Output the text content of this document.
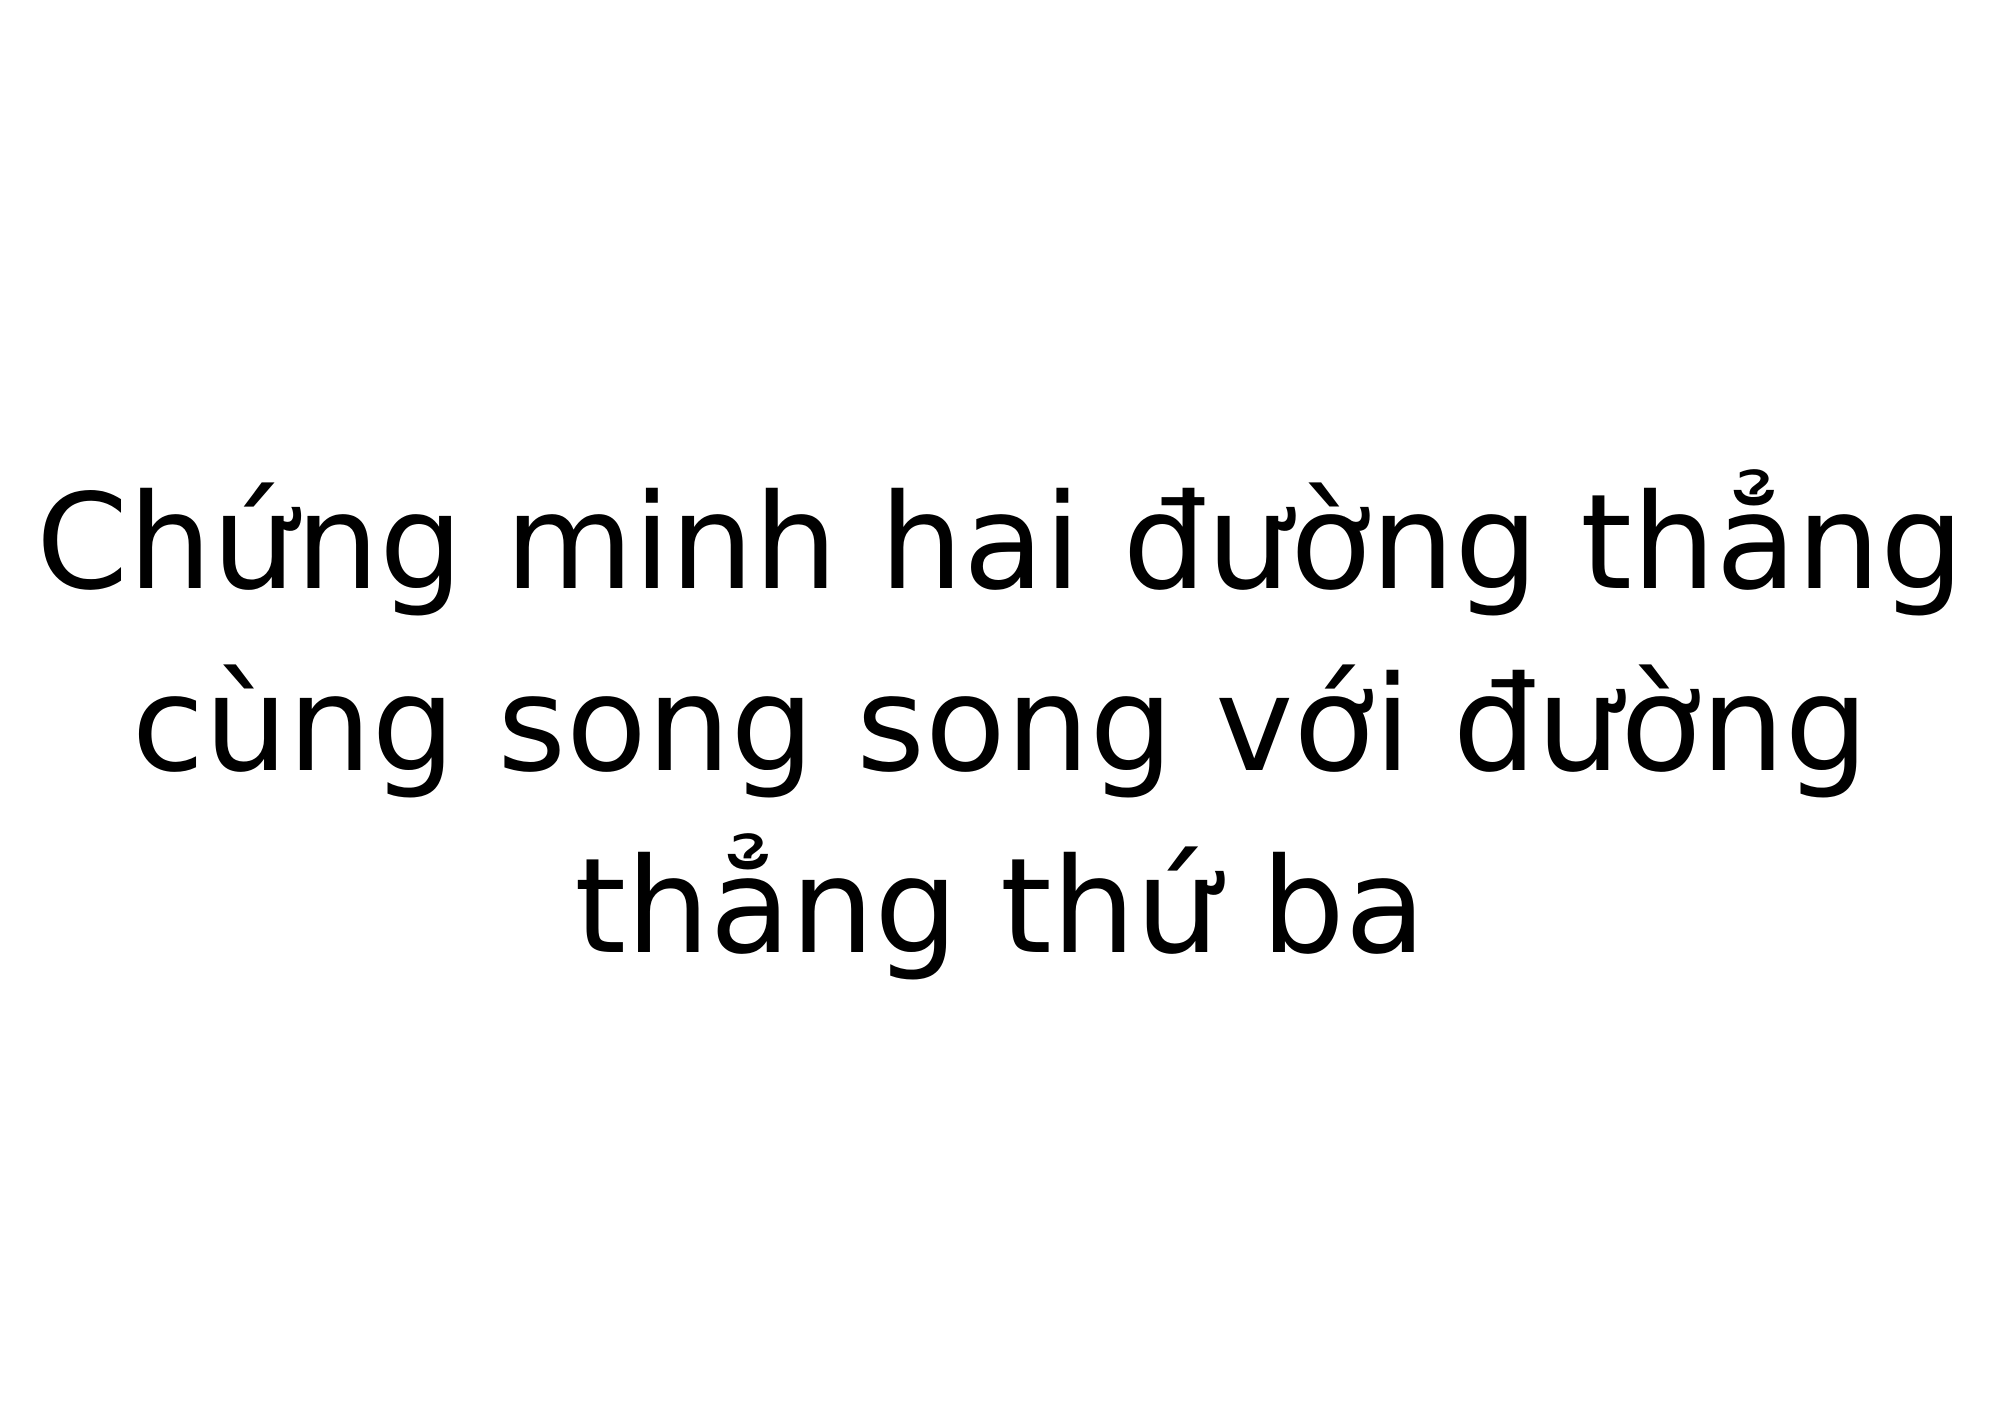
Chứng minh hai đường thẳng
cùng song song với đường
thẳng thứ ba
